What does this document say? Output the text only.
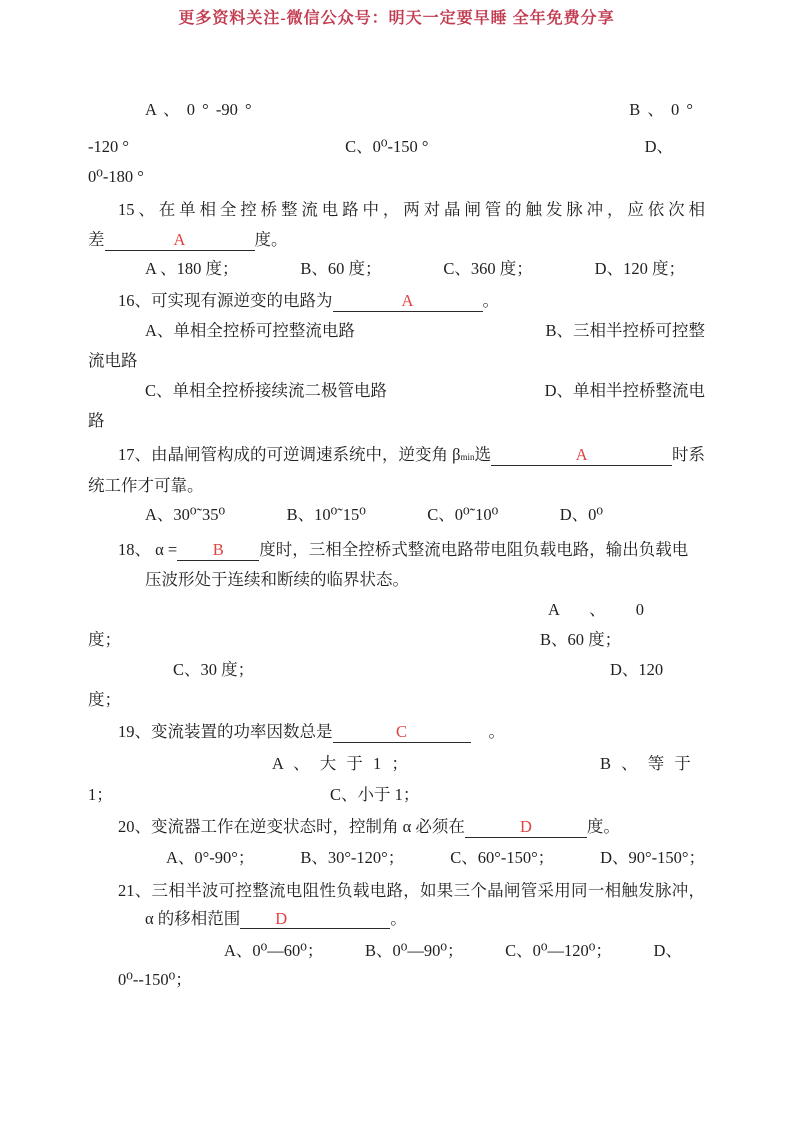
更多资料关注-微信公众号：明天一定要早睡 全年免费分享
A 、 0 ° -90 °	B 、 0 °
-120 °	C、0⁰-150 °	D、
0⁰-180 °
15、在单相全控桥整流电路中，两对晶闸管的触发脉冲，应依次相
差	A	度。
A 、180 度；	B、60 度；	C、360 度；	D、120 度；
16、可实现有源逆变的电路为	A	。
A、单相全控桥可控整流电路	B、三相半控桥可控整
流电路
C、单相全控桥接续流二极管电路	D、单相半控桥整流电
路
17、由晶闸管构成的可逆调速系统中，逆变角 β min 选	A	时系
统工作才可靠。
A、30⁰˜35⁰	B、10⁰˜15⁰	C、0⁰˜10⁰	D、0⁰
18、 α =	B	度时，三相全控桥式整流电路带电阻负载电路，输出负载电
压波形处于连续和断续的临界状态。
A 、 0
度；	B、60 度；
C、30 度；	D、120
度；
19、变流装置的功率因数总是	C	。
A 、 大 于 1 ；	B 、 等 于
1；	C、小于 1；
20、变流器工作在逆变状态时，控制角 α 必须在	D	度。
A、0°-90°；	B、30°-120°；	C、60°-150°；	D、90°-150°；
21、三相半波可控整流电阻性负载电路，如果三个晶闸管采用同一相触发脉冲，
α 的移相范围	D	。
A、0⁰—60⁰；	B、0⁰—90⁰；	C、0⁰—120⁰；	D、
0⁰--150⁰；
